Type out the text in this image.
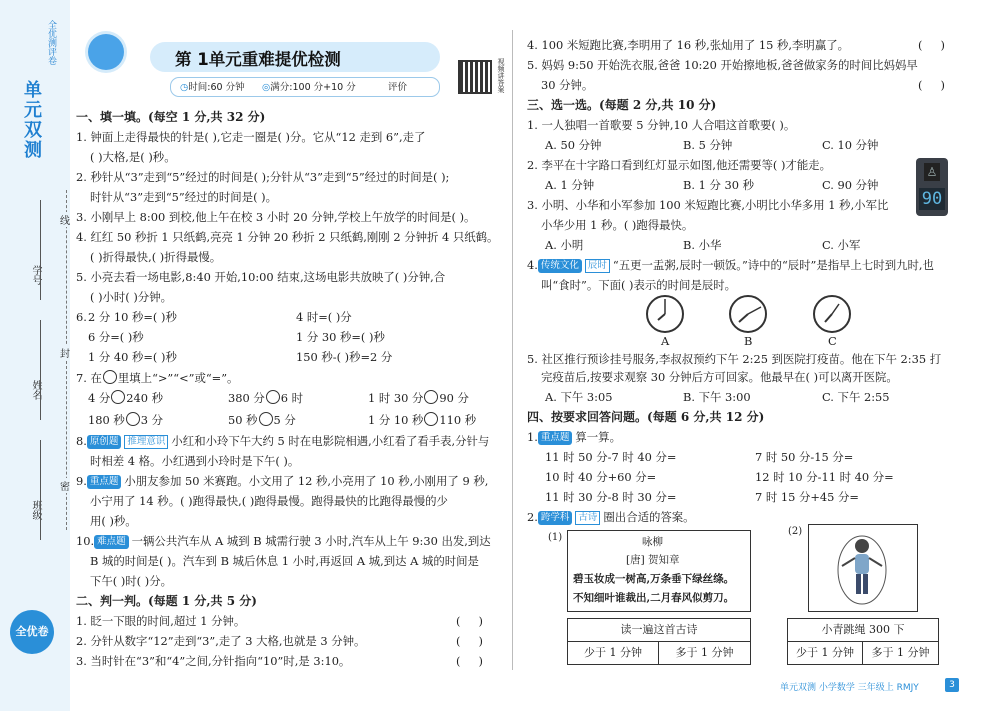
单元双测
全优测评卷
线
封
密
班级
姓名
学号
全优卷
第 1单元重难提优检测
◷时间:60 分钟 ◎满分:100 分+10 分	评价	视频讲答案
一、填一填。(每空 1 分,共 32 分)
1. 钟面上走得最快的针是( ),它走一圈是( )分。它从“12 走到 6”,走了
( )大格,是( )秒。
2. 秒针从“3”走到“5”经过的时间是( );分针从“3”走到“5”经过的时间是( );
时针从“3”走到“5”经过的时间是( )。
3. 小刚早上 8:00 到校,他上午在校 3 小时 20 分钟,学校上午放学的时间是( )。
4. 红红 50 秒折 1 只纸鹤,亮亮 1 分钟 20 秒折 2 只纸鹤,刚刚 2 分钟折 4 只纸鹤。
( )折得最快,( )折得最慢。
5. 小亮去看一场电影,8:40 开始,10:00 结束,这场电影共放映了( )分钟,合
( )小时( )分钟。
6. 2 分 10 秒=( )秒	4 时=( )分
6 分=( )秒	1 分 30 秒=( )秒
1 分 40 秒=( )秒	150 秒-( )秒=2 分
7. 在 里填上“>”“<”或“=”。
4 分 240 秒	380 分 6 时	1 时 30 分 90 分
180 秒 3 分	50 秒 5 分	1 分 10 秒 110 秒
8. 原创题 推理意识 小红和小玲下午大约 5 时在电影院相遇,小红看了看手表,分针与
时相差 4 格。小红遇到小玲时是下午( )。
9. 重点题 小朋友参加 50 米赛跑。小文用了 12 秒,小亮用了 10 秒,小刚用了 9 秒,
小宁用了 14 秒。( )跑得最快,( )跑得最慢。跑得最快的比跑得最慢的少
用( )秒。
10. 难点题 一辆公共汽车从 A 城到 B 城需行驶 3 小时,汽车从上午 9:30 出发,到达
B 城的时间是( )。汽车到 B 城后休息 1 小时,再返回 A 城,到达 A 城的时间是
下午( )时( )分。
二、判一判。(每题 1 分,共 5 分)
1. 眨一下眼的时间,超过 1 分钟。	(     )
2. 分针从数字“12”走到“3”,走了 3 大格,也就是 3 分钟。	(     )
3. 当时针在“3”和“4”之间,分针指向“10”时,是 3:10。	(     )
4. 100 米短跑比赛,李明用了 16 秒,张灿用了 15 秒,李明赢了。	(     )
5. 妈妈 9:50 开始洗衣服,爸爸 10:20 开始擦地板,爸爸做家务的时间比妈妈早
30 分钟。	(     )
三、选一选。(每题 2 分,共 10 分)
1. 一人独唱一首歌要 5 分钟,10 人合唱这首歌要( )。
A. 50 分钟	B. 5 分钟	C. 10 分钟
2. 李平在十字路口看到红灯显示如图,他还需要等( )才能走。
A. 1 分钟	B. 1 分 30 秒	C. 90 分钟
♙
90
3. 小明、小华和小军参加 100 米短跑比赛,小明比小华多用 1 秒,小军比
小华少用 1 秒。( )跑得最快。
A. 小明	B. 小华	C. 小军
4. 传统文化 辰时 “五更一盂粥,辰时一顿饭。”诗中的“辰时”是指早上七时到九时,也
叫“食时”。下面( )表示的时间是辰时。
A	B	C
5. 社区推行预诊挂号服务,李叔叔预约下午 2:25 到医院打疫苗。他在下午 2:35 打
完疫苗后,按要求观察 30 分钟后方可回家。他最早在( )可以离开医院。
A. 下午 3:05	B. 下午 3:00	C. 下午 2:55
四、按要求回答问题。(每题 6 分,共 12 分)
1. 重点题 算一算。
11 时 50 分-7 时 40 分=	7 时 50 分-15 分=
10 时 40 分+60 分=	12 时 10 分-11 时 40 分=
11 时 30 分-8 时 30 分=	7 时 15 分+45 分=
2. 跨学科 古诗 圈出合适的答案。
(1)	咏柳
[唐] 贺知章
碧玉妆成一树高,万条垂下绿丝绦。
不知细叶谁裁出,二月春风似剪刀。
(2)
读一遍这首古诗
少于 1 分钟	多于 1 分钟
小青跳绳 300 下
少于 1 分钟	多于 1 分钟
单元双测 小学数学 三年级上 RMJY	3
